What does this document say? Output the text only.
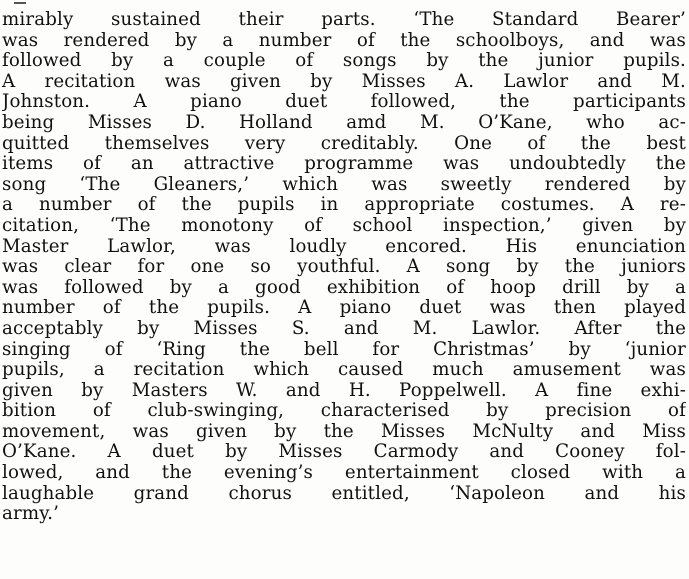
mirably sustained their parts. ‘The Standard Bearer’
was rendered by a number of the schoolboys, and was
followed by a couple of songs by the junior pupils.
A recitation was given by Misses A. Lawlor and M.
Johnston. A piano duet followed, the participants
being Misses D. Holland amd M. O’Kane, who ac-
quitted themselves very creditably. One of the best
items of an attractive programme was undoubtedly the
song ‘The Gleaners,’ which was sweetly rendered by
a number of the pupils in appropriate costumes. A re-
citation, ‘The monotony of school inspection,’ given by
Master Lawlor, was loudly encored. His enunciation
was clear for one so youthful. A song by the juniors
was followed by a good exhibition of hoop drill by a
number of the pupils. A piano duet was then played
acceptably by Misses S. and M. Lawlor. After the
singing of ‘Ring the bell for Christmas’ by ‘junior
pupils, a recitation which caused much amusement was
given by Masters W. and H. Poppelwell. A fine exhi-
bition of club-swinging, characterised by precision of
movement, was given by the Misses McNulty and Miss
O’Kane. A duet by Misses Carmody and Cooney fol-
lowed, and the evening’s entertainment closed with a
laughable grand chorus entitled, ‘Napoleon and his
army.’
